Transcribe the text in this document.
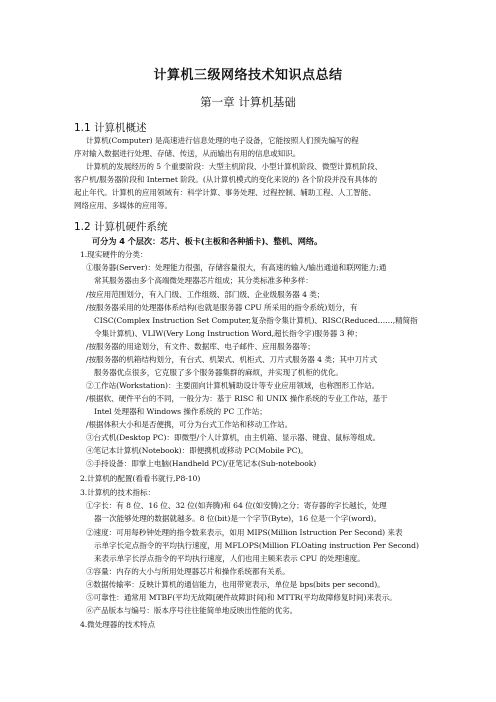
计算机三级网络技术知识点总结
第一章 计算机基础
1.1 计算机概述
计算机(Computer) 是高速进行信息处理的电子设备，它能按照人们预先编写的程
序对输入数据进行处理、存储、传送，从而输出有用的信息或知识。
计算机的发展经历的 5 个重要阶段：大型主机阶段、小型计算机阶段、微型计算机阶段、
客户机/服务器阶段和 Internet 阶段。(从计算机模式的变化来说的) 各个阶段并没有具体的
起止年代。计算机的应用领域有：科学计算、事务处理、过程控制、辅助工程、人工智能、
网络应用、多媒体的应用等。
1.2 计算机硬件系统
可分为 4 个层次：芯片、板卡(主板和各种插卡)、整机、网络。
1.现实硬件的分类：
①服务器(Server)：处理能力很强，存储容量很大，有高速的输入/输出通道和联网能力;通
常其服务器由多个高端微处理器芯片组成；其分类标准多种多样：
/按应用范围划分，有入门级、工作组级、部门级、企业级服务器 4 类；
/按服务器采用的处理器体系结构(也就是服务器 CPU 所采用的指令系统)划分，有
CISC(Complex Instruction Set Computer,复杂指令集计算机)、RISC(Reduced……,精简指
令集计算机)、VLIW(Very Long Instruction Word,超长指令字)服务器 3 种；
/按服务器的用途划分，有文件、数据库、电子邮件、应用服务器等；
/按服务器的机箱结构划分，有台式、机架式、机柜式、刀片式服务器 4 类；其中刀片式
服务器优点很多，它克服了多个服务器集群的麻烦，并实现了机柜的优化。
②工作站(Workstation)：主要面向计算机辅助设计等专业应用领域，也称图形工作站。
/根据软、硬件平台的不同，一般分为：基于 RISC 和 UNIX 操作系统的专业工作站，基于
Intel 处理器和 Windows 操作系统的 PC 工作站；
/根据体积大小和是否便携，可分为台式工作站和移动工作站。
③台式机(Desktop PC)：即微型/个人计算机，由主机箱、显示器、键盘、鼠标等组成。
④笔记本计算机(Notebook)：即便携机或移动 PC(Mobile PC)。
⑤手持设备：即掌上电脑(Handheld PC)/亚笔记本(Sub-notebook)
2.计算机的配置(看看书就行,P8-10)
3.计算机的技术指标：
①字长：有 8 位、16 位、32 位(如奔腾)和 64 位(如安腾)之分；寄存器的字长越长，处理
器一次能够处理的数据就越多。8 位(bit)是一个字节(Byte)，16 位是一个字(word)。
②速度：可用每秒钟处理的指令数来表示，如用 MIPS(Million Istruction Per Second) 来表
示单字长定点指令的平均执行速度，用 MFLOPS(Million FLOating instruction Per Second)
来表示单字长浮点指令的平均执行速度，人们也用主频来表示 CPU 的处理速度。
③容量：内存的大小与所用处理器芯片和操作系统都有关系。
④数据传输率：反映计算机的通信能力，也用带宽表示，单位是 bps(bits per second)。
⑤可靠性：通常用 MTBF(平均无故障[硬件故障]时间)和 MTTR(平均故障修复时间)来表示。
⑥产品版本与编号：版本序号往往能简单地反映出性能的优劣。
4.微处理器的技术特点
